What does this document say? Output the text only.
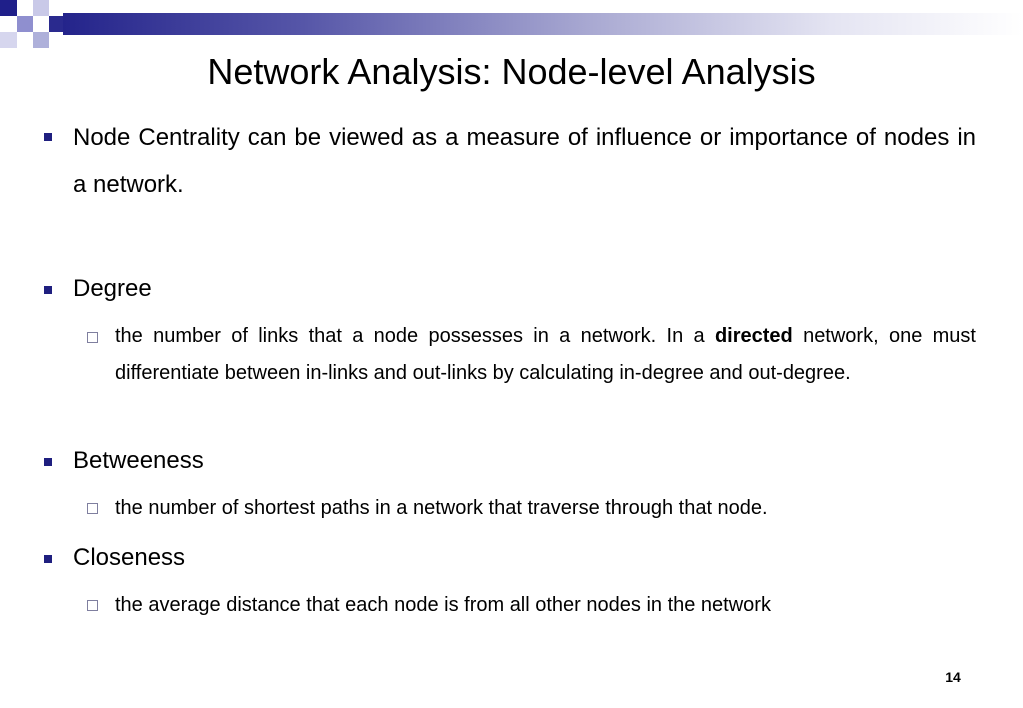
Network Analysis: Node-level Analysis
Node Centrality can be viewed as a measure of influence or importance of nodes in a network.
Degree
the number of links that a node possesses in a network. In a directed network, one must differentiate between in-links and out-links by calculating in-degree and out-degree.
Betweeness
the number of shortest paths in a network that traverse through that node.
Closeness
the average distance that each node is from all other nodes in the network
14
